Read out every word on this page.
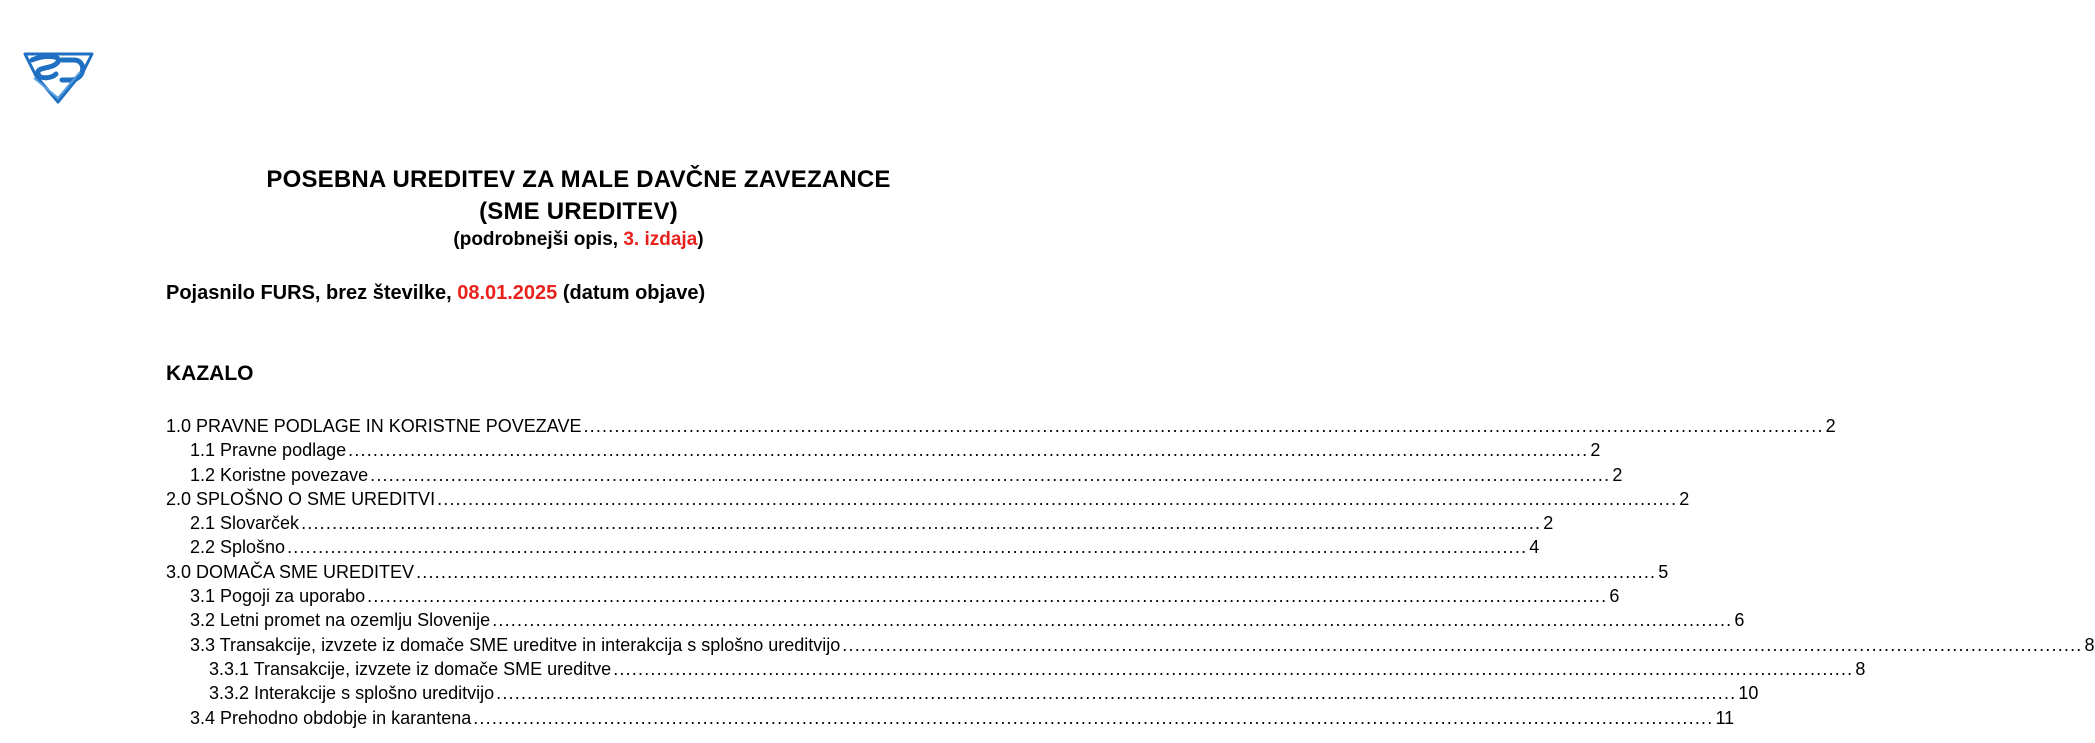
POSEBNA UREDITEV ZA MALE DAVČNE ZAVEZANCE
(SME UREDITEV)
(podrobnejši opis, 3. izdaja)
Pojasnilo FURS, brez številke, 08.01.2025 (datum objave)
KAZALO
1.0 PRAVNE PODLAGE IN KORISTNE POVEZAVE ........................................................................................................................................................................................................ 2
1.1 Pravne podlage ........................................................................................................................................................................................................ 2
1.2 Koristne povezave ........................................................................................................................................................................................................ 2
2.0 SPLOŠNO O SME UREDITVI ........................................................................................................................................................................................................ 2
2.1 Slovarček ........................................................................................................................................................................................................ 2
2.2 Splošno ........................................................................................................................................................................................................ 4
3.0 DOMAČA SME UREDITEV ........................................................................................................................................................................................................ 5
3.1 Pogoji za uporabo ........................................................................................................................................................................................................ 6
3.2 Letni promet na ozemlju Slovenije ........................................................................................................................................................................................................ 6
3.3 Transakcije, izvzete iz domače SME ureditve in interakcija s splošno ureditvijo ........................................................................................................................................................................................................ 8
3.3.1 Transakcije, izvzete iz domače SME ureditve ........................................................................................................................................................................................................ 8
3.3.2 Interakcije s splošno ureditvijo ........................................................................................................................................................................................................ 10
3.4 Prehodno obdobje in karantena ........................................................................................................................................................................................................ 11
